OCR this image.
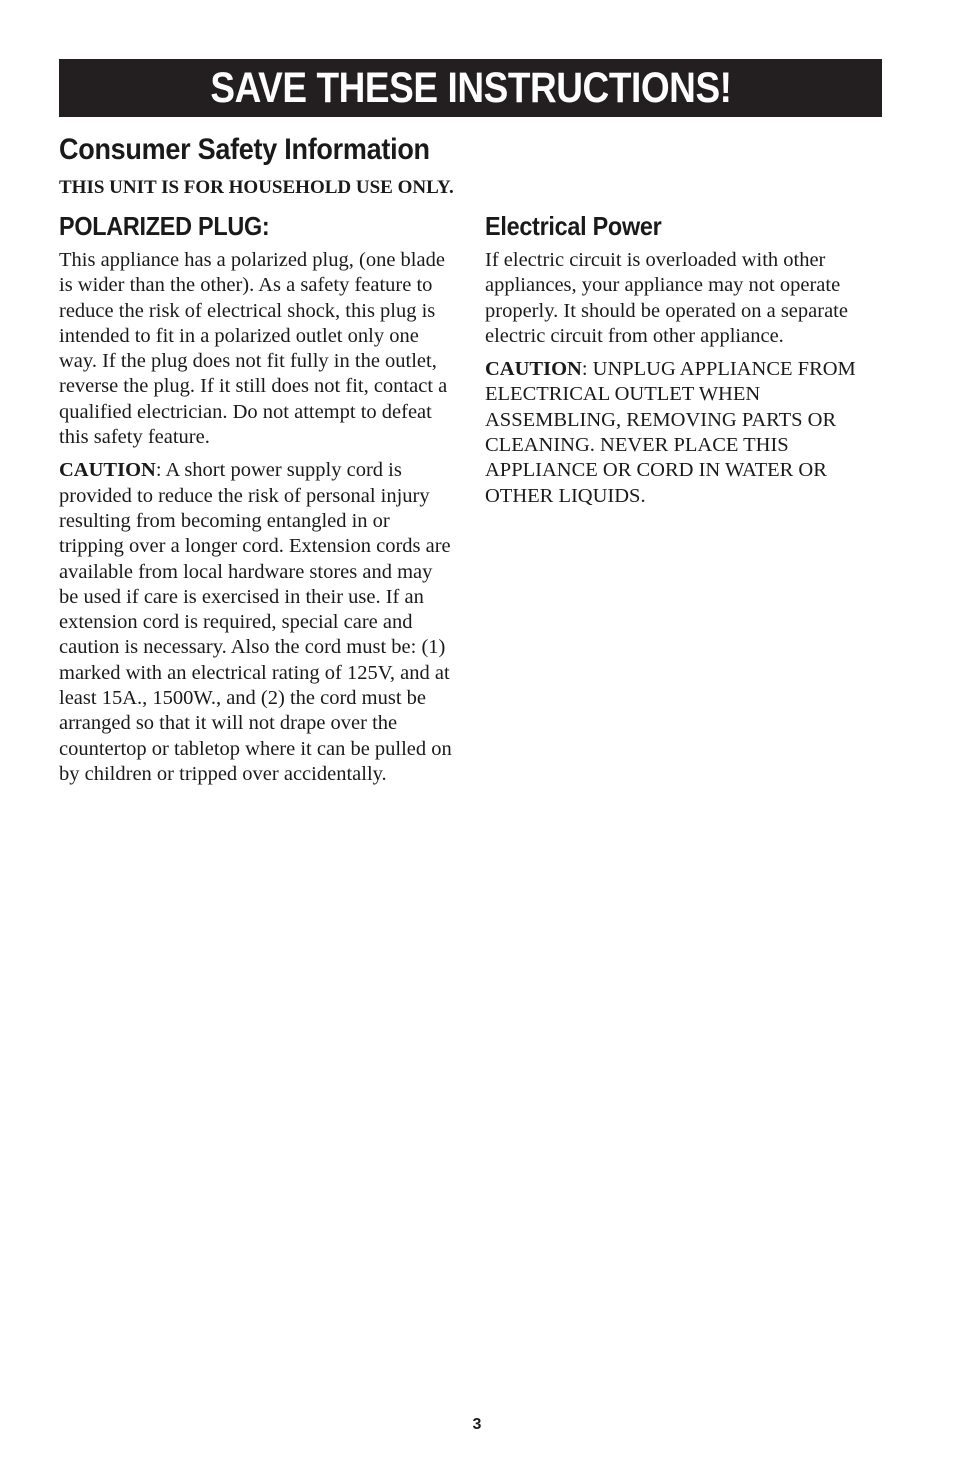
SAVE THESE INSTRUCTIONS!
Consumer Safety Information

THIS UNIT IS FOR HOUSEHOLD USE ONLY.

POLARIZED PLUG:

This appliance has a polarized plug, (one blade is wider than the other). As a safety feature to reduce the risk of electrical shock, this plug is intended to fit in a polarized outlet only one way. If the plug does not fit fully in the outlet, reverse the plug. If it still does not fit, contact a qualified electrician. Do not attempt to defeat this safety feature.

CAUTION: A short power supply cord is provided to reduce the risk of personal injury resulting from becoming entangled in or tripping over a longer cord. Extension cords are available from local hardware stores and may be used if care is exercised in their use. If an extension cord is required, special care and caution is necessary. Also the cord must be: (1) marked with an electrical rating of 125V, and at least 15A., 1500W., and (2) the cord must be arranged so that it will not drape over the countertop or tabletop where it can be pulled on by children or tripped over accidentally.

Electrical Power

If electric circuit is overloaded with other appliances, your appliance may not operate properly. It should be operated on a separate electric circuit from other appliance.

CAUTION: UNPLUG APPLIANCE FROM ELECTRICAL OUTLET WHEN ASSEMBLING, REMOVING PARTS OR CLEANING. NEVER PLACE THIS APPLIANCE OR CORD IN WATER OR OTHER LIQUIDS.

3
